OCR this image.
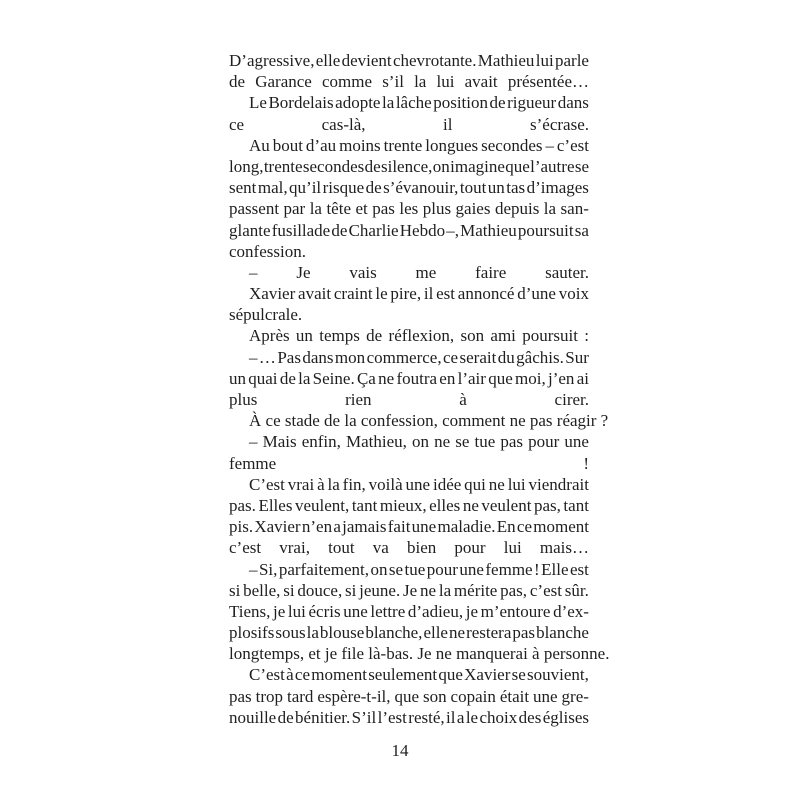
D’agressive, elle devient chevrotante. Mathieu lui parle
de Garance comme s’il la lui avait présentée…
Le Bordelais adopte la lâche position de rigueur dans
ce cas-là, il s’écrase.
Au bout d’au moins trente longues secondes – c’est
long, trente secondes de silence, on imagine que l’autre se
sent mal, qu’il risque de s’évanouir, tout un tas d’images
passent par la tête et pas les plus gaies depuis la san-
glante fusillade de Charlie Hebdo –, Mathieu poursuit sa
confession.
– Je vais me faire sauter.
Xavier avait craint le pire, il est annoncé d’une voix
sépulcrale.
Après un temps de réflexion, son ami poursuit :
– … Pas dans mon commerce, ce serait du gâchis. Sur
un quai de la Seine. Ça ne foutra en l’air que moi, j’en ai
plus rien à cirer.
À ce stade de la confession, comment ne pas réagir ?
– Mais enfin, Mathieu, on ne se tue pas pour une
femme !
C’est vrai à la fin, voilà une idée qui ne lui viendrait
pas. Elles veulent, tant mieux, elles ne veulent pas, tant
pis. Xavier n’en a jamais fait une maladie. En ce moment
c’est vrai, tout va bien pour lui mais…
– Si, parfaitement, on se tue pour une femme ! Elle est
si belle, si douce, si jeune. Je ne la mérite pas, c’est sûr.
Tiens, je lui écris une lettre d’adieu, je m’entoure d’ex-
plosifs sous la blouse blanche, elle ne restera pas blanche
longtemps, et je file là-bas. Je ne manquerai à personne.
C’est à ce moment seulement que Xavier se souvient,
pas trop tard espère-t-il, que son copain était une gre-
nouille de bénitier. S’il l’est resté, il a le choix des églises
14
